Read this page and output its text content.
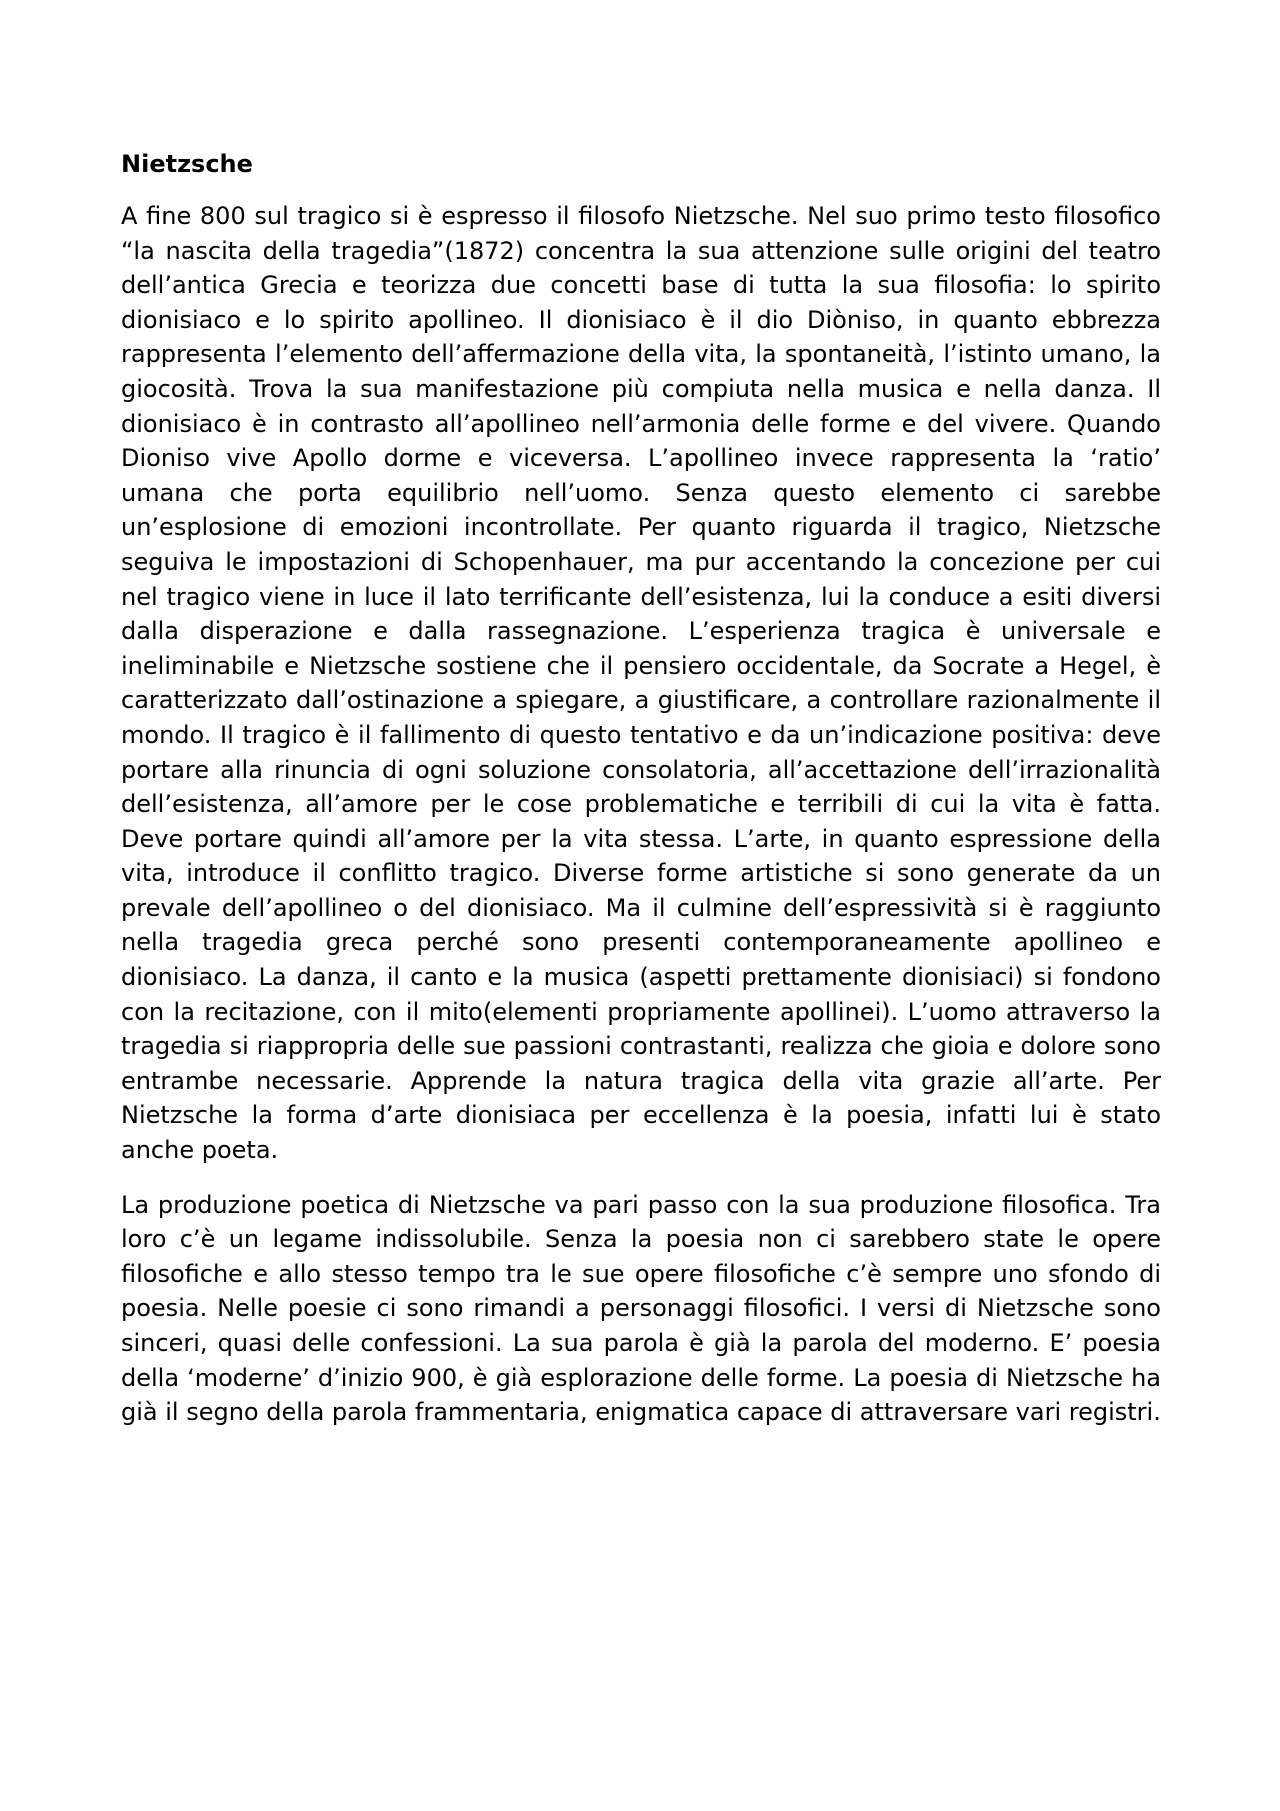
Nietzsche

A fine 800 sul tragico si è espresso il filosofo Nietzsche. Nel suo primo testo filosofico “la nascita della tragedia”(1872) concentra la sua attenzione sulle origini del teatro dell’antica Grecia e teorizza due concetti base di tutta la sua filosofia: lo spirito dionisiaco e lo spirito apollineo. Il dionisiaco è il dio Diòniso, in quanto ebbrezza rappresenta l’elemento dell’affermazione della vita, la spontaneità, l’istinto umano, la giocosità. Trova la sua manifestazione più compiuta nella musica e nella danza. Il dionisiaco è in contrasto all’apollineo nell’armonia delle forme e del vivere. Quando Dioniso vive Apollo dorme e viceversa. L’apollineo invece rappresenta la ‘ratio’ umana che porta equilibrio nell’uomo. Senza questo elemento ci sarebbe un’esplosione di emozioni incontrollate. Per quanto riguarda il tragico, Nietzsche seguiva le impostazioni di Schopenhauer, ma pur accentando la concezione per cui nel tragico viene in luce il lato terrificante dell’esistenza, lui la conduce a esiti diversi dalla disperazione e dalla rassegnazione. L’esperienza tragica è universale e ineliminabile e Nietzsche sostiene che il pensiero occidentale, da Socrate a Hegel, è caratterizzato dall’ostinazione a spiegare, a giustificare, a controllare razionalmente il mondo. Il tragico è il fallimento di questo tentativo e da un’indicazione positiva: deve portare alla rinuncia di ogni soluzione consolatoria, all’accettazione dell’irrazionalità dell’esistenza, all’amore per le cose problematiche e terribili di cui la vita è fatta. Deve portare quindi all’amore per la vita stessa. L’arte, in quanto espressione della vita, introduce il conflitto tragico. Diverse forme artistiche si sono generate da un prevale dell’apollineo o del dionisiaco. Ma il culmine dell’espressività si è raggiunto nella tragedia greca perché sono presenti contemporaneamente apollineo e dionisiaco. La danza, il canto e la musica (aspetti prettamente dionisiaci) si fondono con la recitazione, con il mito(elementi propriamente apollinei). L’uomo attraverso la tragedia si riappropria delle sue passioni contrastanti, realizza che gioia e dolore sono entrambe necessarie. Apprende la natura tragica della vita grazie all’arte. Per Nietzsche la forma d’arte dionisiaca per eccellenza è la poesia, infatti lui è stato anche poeta.

La produzione poetica di Nietzsche va pari passo con la sua produzione filosofica. Tra loro c’è un legame indissolubile. Senza la poesia non ci sarebbero state le opere filosofiche e allo stesso tempo tra le sue opere filosofiche c’è sempre uno sfondo di poesia. Nelle poesie ci sono rimandi a personaggi filosofici. I versi di Nietzsche sono sinceri, quasi delle confessioni. La sua parola è già la parola del moderno. E’ poesia della ‘moderne’ d’inizio 900, è già esplorazione delle forme. La poesia di Nietzsche ha già il segno della parola frammentaria, enigmatica capace di attraversare vari registri.
